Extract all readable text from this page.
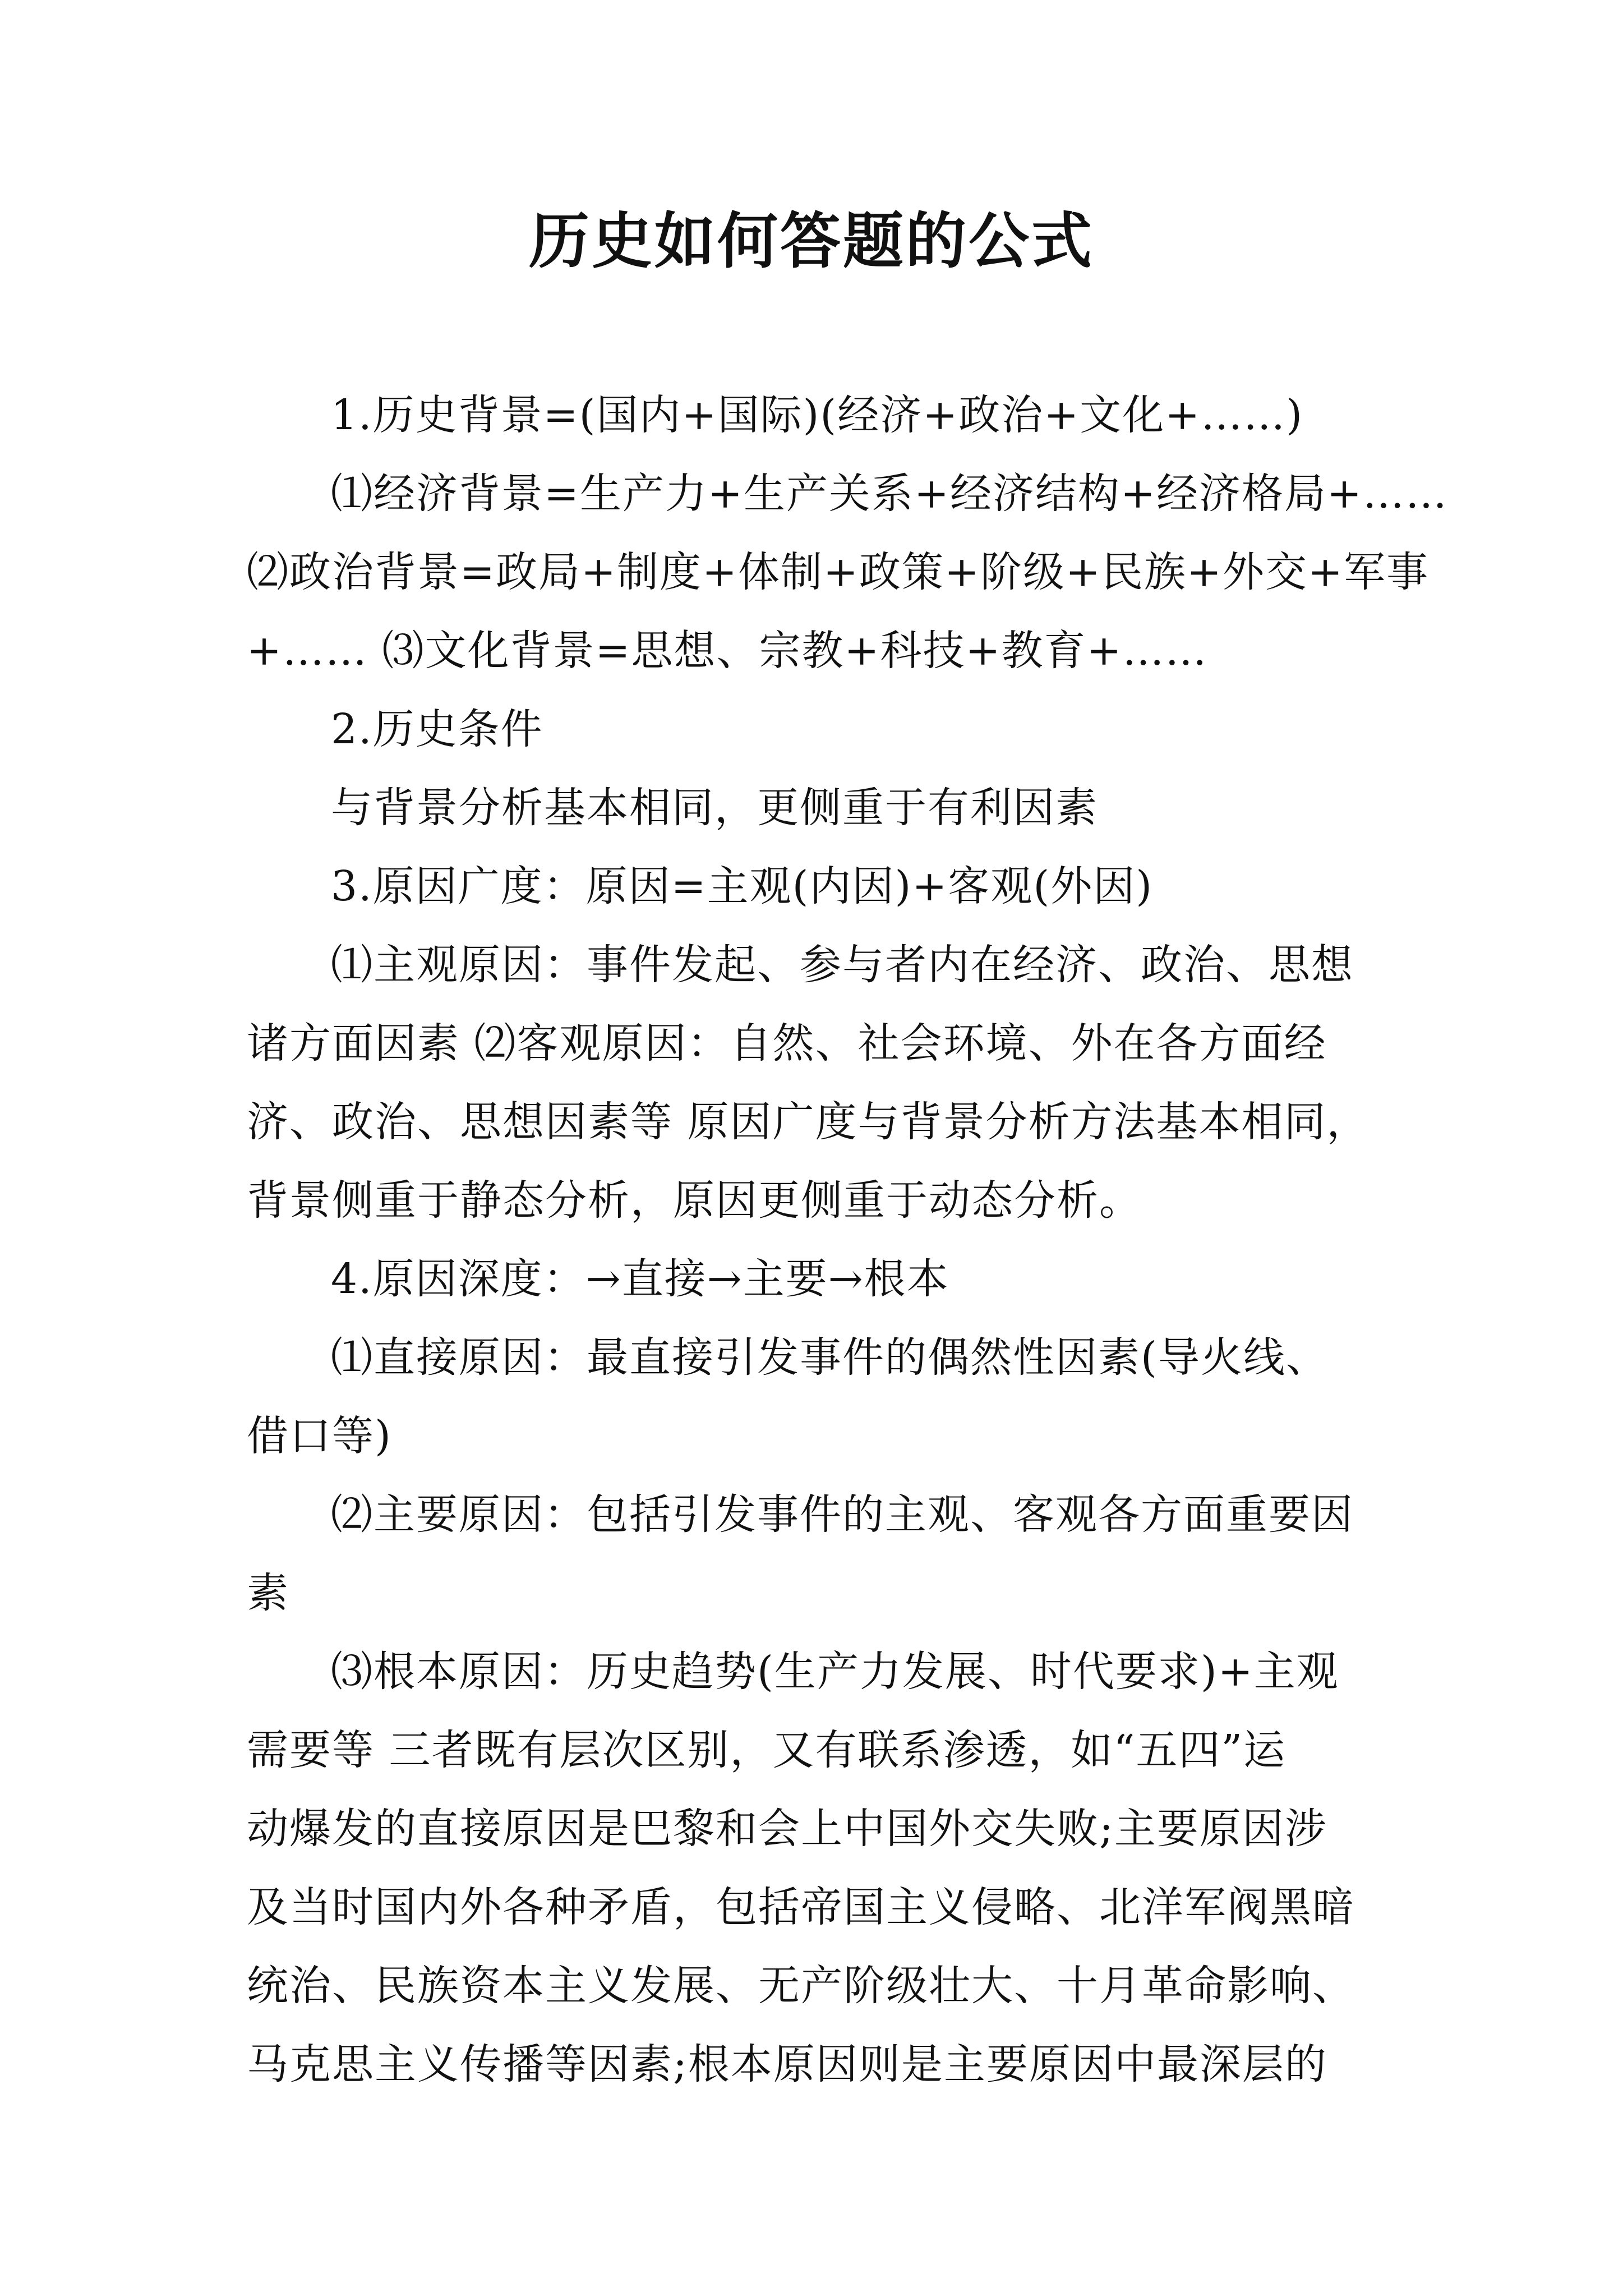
历史如何答题的公式
1.历史背景=(国内+国际)(经济+政治+文化+……)
⑴经济背景=生产力+生产关系+经济结构+经济格局+……
⑵政治背景=政局+制度+体制+政策+阶级+民族+外交+军事
+…… ⑶文化背景=思想、宗教+科技+教育+……
2.历史条件
与背景分析基本相同，更侧重于有利因素
3.原因广度：原因=主观(内因)+客观(外因)
⑴主观原因：事件发起、参与者内在经济、政治、思想
诸方面因素 ⑵客观原因：自然、社会环境、外在各方面经
济、政治、思想因素等 原因广度与背景分析方法基本相同，
背景侧重于静态分析，原因更侧重于动态分析。
4.原因深度：→直接→主要→根本
⑴直接原因：最直接引发事件的偶然性因素(导火线、
借口等)
⑵主要原因：包括引发事件的主观、客观各方面重要因
素
⑶根本原因：历史趋势(生产力发展、时代要求)+主观
需要等 三者既有层次区别，又有联系渗透，如“五四”运
动爆发的直接原因是巴黎和会上中国外交失败;主要原因涉
及当时国内外各种矛盾，包括帝国主义侵略、北洋军阀黑暗
统治、民族资本主义发展、无产阶级壮大、十月革命影响、
马克思主义传播等因素;根本原因则是主要原因中最深层的
